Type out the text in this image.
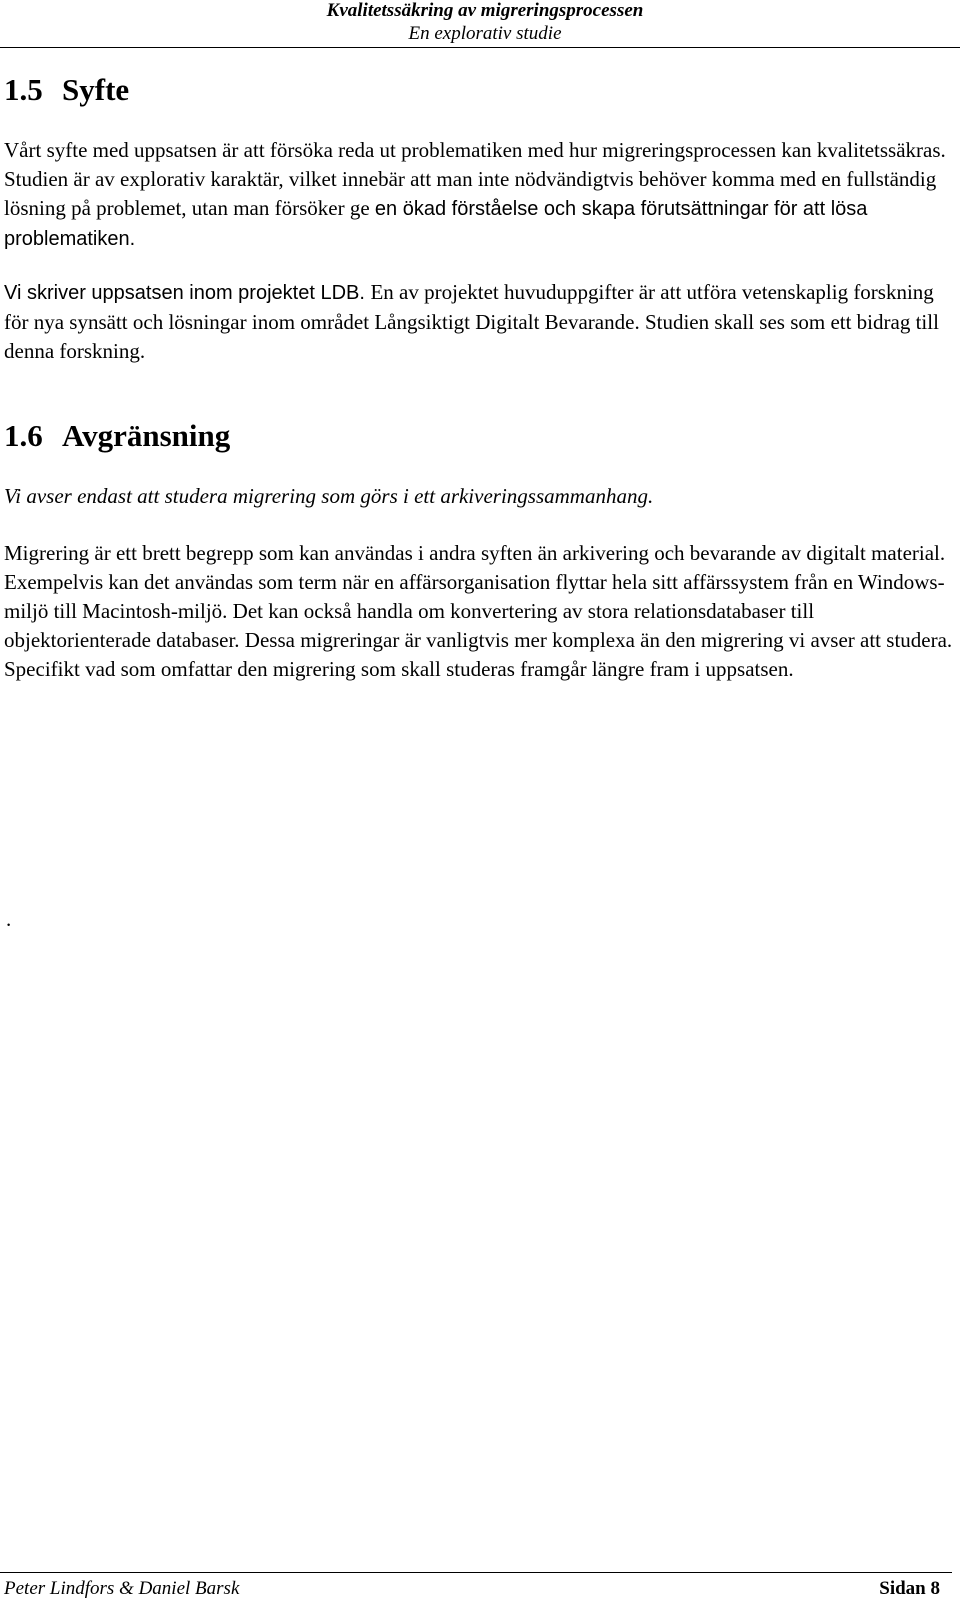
Kvalitetssäkring av migreringsprocessen
En explorativ studie
1.5 Syfte

Vårt syfte med uppsatsen är att försöka reda ut problematiken med hur migreringsprocessen kan kvalitetssäkras. Studien är av explorativ karaktär, vilket innebär att man inte nödvändigtvis behöver komma med en fullständig lösning på problemet, utan man försöker ge en ökad förståelse och skapa förutsättningar för att lösa problematiken.

Vi skriver uppsatsen inom projektet LDB. En av projektet huvuduppgifter är att utföra vetenskaplig forskning för nya synsätt och lösningar inom området Långsiktigt Digitalt Bevarande. Studien skall ses som ett bidrag till denna forskning.

1.6 Avgränsning

Vi avser endast att studera migrering som görs i ett arkiveringssammanhang.

Migrering är ett brett begrepp som kan användas i andra syften än arkivering och bevarande av digitalt material. Exempelvis kan det användas som term när en affärsorganisation flyttar hela sitt affärssystem från en Windows-miljö till Macintosh-miljö. Det kan också handla om konvertering av stora relationsdatabaser till objektorienterade databaser. Dessa migreringar är vanligtvis mer komplexa än den migrering vi avser att studera. Specifikt vad som omfattar den migrering som skall studeras framgår längre fram i uppsatsen.

.
Peter Lindfors & Daniel Barsk	Sidan 8
